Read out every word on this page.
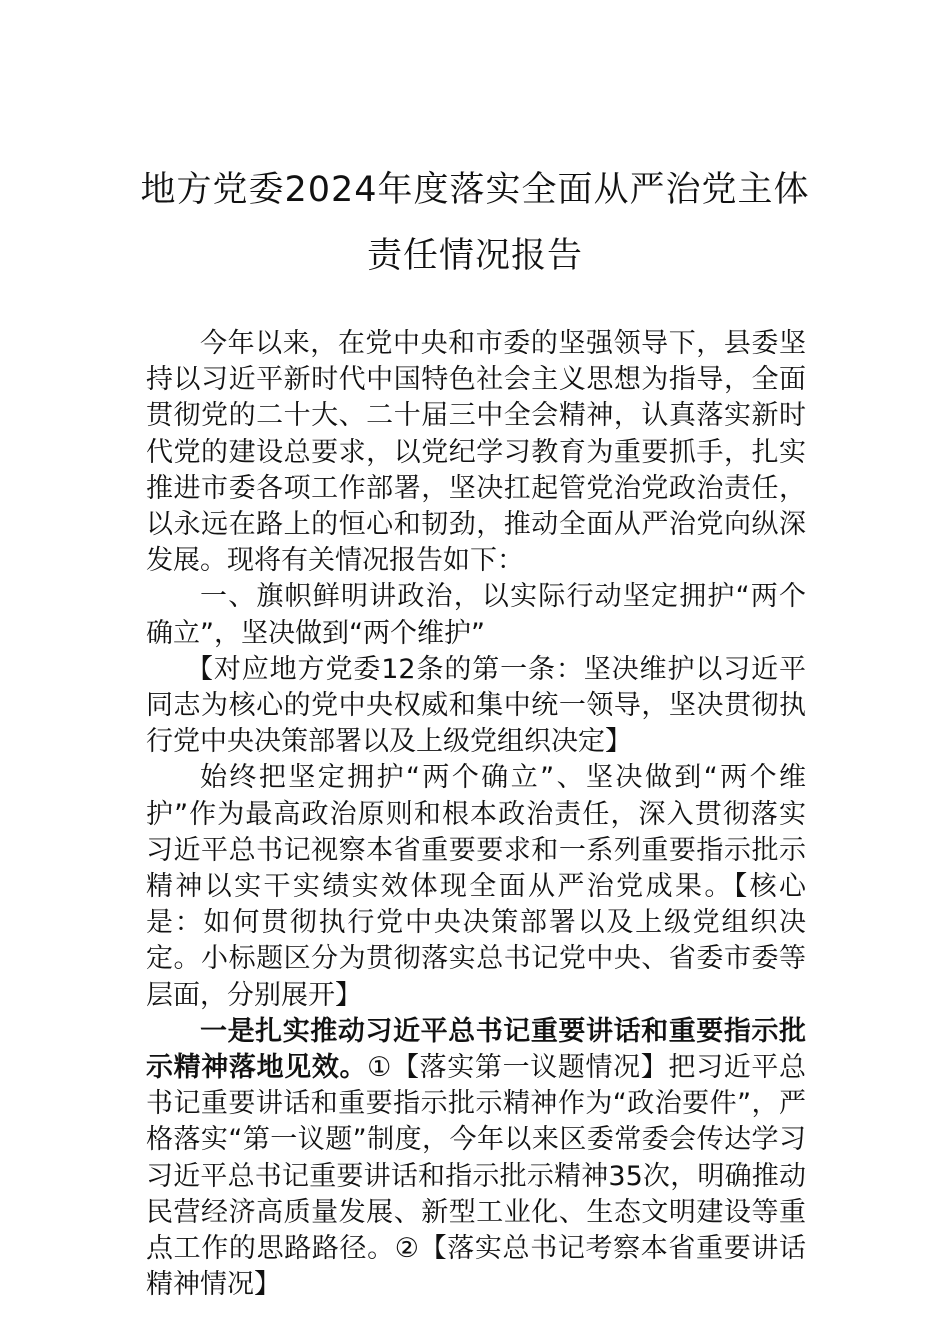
地方党委2024年度落实全面从严治党主体
责任情况报告

今年以来，在党中央和市委的坚强领导下，县委坚持以习近平新时代中国特色社会主义思想为指导，全面贯彻党的二十大、二十届三中全会精神，认真落实新时代党的建设总要求，以党纪学习教育为重要抓手，扎实推进市委各项工作部署，坚决扛起管党治党政治责任，以永远在路上的恒心和韧劲，推动全面从严治党向纵深发展。现将有关情况报告如下：

一、旗帜鲜明讲政治，以实际行动坚定拥护“两个确立”，坚决做到“两个维护”

【对应地方党委12条的第一条：坚决维护以习近平同志为核心的党中央权威和集中统一领导，坚决贯彻执行党中央决策部署以及上级党组织决定】

始终把坚定拥护“两个确立”、坚决做到“两个维护”作为最高政治原则和根本政治责任，深入贯彻落实习近平总书记视察本省重要要求和一系列重要指示批示精神以实干实绩实效体现全面从严治党成果。【核心是：如何贯彻执行党中央决策部署以及上级党组织决定。小标题区分为贯彻落实总书记党中央、省委市委等层面，分别展开】

一是扎实推动习近平总书记重要讲话和重要指示批示精神落地见效。①【落实第一议题情况】把习近平总书记重要讲话和重要指示批示精神作为“政治要件”，严格落实“第一议题”制度，今年以来区委常委会传达学习习近平总书记重要讲话和指示批示精神35次，明确推动民营经济高质量发展、新型工业化、生态文明建设等重点工作的思路路径。②【落实总书记考察本省重要讲话精神情况】
